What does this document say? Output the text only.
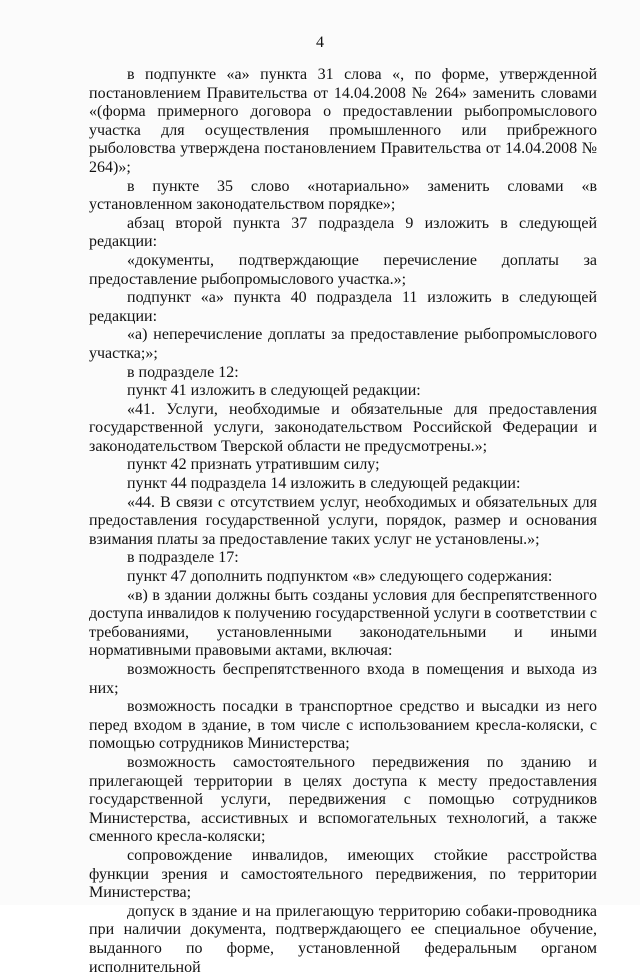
4

в подпункте «а» пункта 31 слова «, по форме, утвержденной постановлением Правительства от 14.04.2008 № 264» заменить словами «(форма примерного договора о предоставлении рыбопромыслового участка для осуществления промышленного или прибрежного рыболовства утверждена постановлением Правительства от 14.04.2008 № 264)»;

в пункте 35 слово «нотариально» заменить словами «в установленном законодательством порядке»;

абзац второй пункта 37 подраздела 9 изложить в следующей редакции:

«документы, подтверждающие перечисление доплаты за предоставление рыбопромыслового участка.»;

подпункт «а» пункта 40 подраздела 11 изложить в следующей редакции:

«а) неперечисление доплаты за предоставление рыбопромыслового участка;»;

в подразделе 12:

пункт 41 изложить в следующей редакции:

«41. Услуги, необходимые и обязательные для предоставления государственной услуги, законодательством Российской Федерации и законодательством Тверской области не предусмотрены.»;

пункт 42 признать утратившим силу;

пункт 44 подраздела 14 изложить в следующей редакции:

«44. В связи с отсутствием услуг, необходимых и обязательных для предоставления государственной услуги, порядок, размер и основания взимания платы за предоставление таких услуг не установлены.»;

в подразделе 17:

пункт 47 дополнить подпунктом «в» следующего содержания:

«в) в здании должны быть созданы условия для беспрепятственного доступа инвалидов к получению государственной услуги в соответствии с требованиями, установленными законодательными и иными нормативными правовыми актами, включая:

возможность беспрепятственного входа в помещения и выхода из них;

возможность посадки в транспортное средство и высадки из него перед входом в здание, в том числе с использованием кресла-коляски, с помощью сотрудников Министерства;

возможность самостоятельного передвижения по зданию и прилегающей территории в целях доступа к месту предоставления государственной услуги, передвижения с помощью сотрудников Министерства, ассистивных и вспомогательных технологий, а также сменного кресла-коляски;

сопровождение инвалидов, имеющих стойкие расстройства функции зрения и самостоятельного передвижения, по территории Министерства;

допуск в здание и на прилегающую территорию собаки-проводника при наличии документа, подтверждающего ее специальное обучение, выданного по форме, установленной федеральным органом исполнительной
